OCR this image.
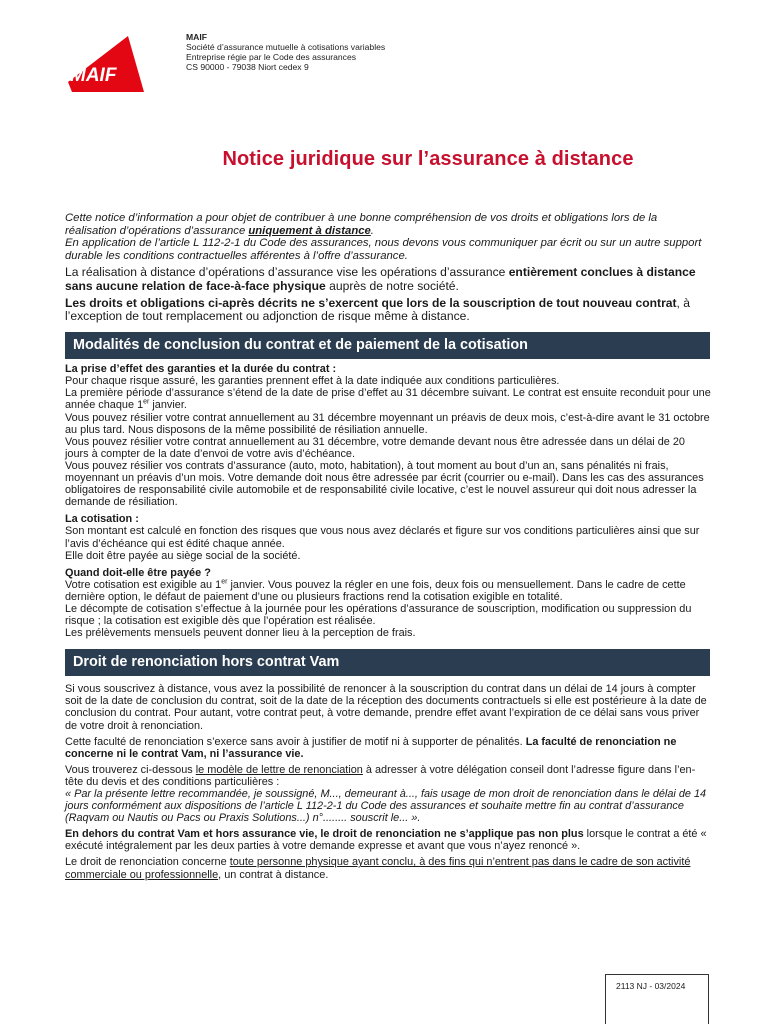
MAIF
MAIF
Société d’assurance mutuelle à cotisations variables
Entreprise régie par le Code des assurances
CS 90000 - 79038 Niort cedex 9
Notice juridique sur l’assurance à distance

Cette notice d’information a pour objet de contribuer à une bonne compréhension de vos droits et obligations lors de la réalisation d’opérations d’assurance uniquement à distance.

En application de l’article L 112-2-1 du Code des assurances, nous devons vous communiquer par écrit ou sur un autre support durable les conditions contractuelles afférentes à l’offre d’assurance.

La réalisation à distance d’opérations d’assurance vise les opérations d’assurance entièrement conclues à distance sans aucune relation de face-à-face physique auprès de notre société.

Les droits et obligations ci-après décrits ne s’exercent que lors de la souscription de tout nouveau contrat, à l’exception de tout remplacement ou adjonction de risque même à distance.

Modalités de conclusion du contrat et de paiement de la cotisation

La prise d’effet des garanties et la durée du contrat :

Pour chaque risque assuré, les garanties prennent effet à la date indiquée aux conditions particulières.

La première période d’assurance s’étend de la date de prise d’effet au 31 décembre suivant. Le contrat est ensuite reconduit pour une année chaque 1er janvier.

Vous pouvez résilier votre contrat annuellement au 31 décembre moyennant un préavis de deux mois, c’est-à-dire avant le 31 octobre au plus tard. Nous disposons de la même possibilité de résiliation annuelle.

Vous pouvez résilier votre contrat annuellement au 31 décembre, votre demande devant nous être adressée dans un délai de 20 jours à compter de la date d’envoi de votre avis d’échéance.

Vous pouvez résilier vos contrats d’assurance (auto, moto, habitation), à tout moment au bout d’un an, sans pénalités ni frais, moyennant un préavis d’un mois. Votre demande doit nous être adressée par écrit (courrier ou e-mail). Dans les cas des assurances obligatoires de responsabilité civile automobile et de responsabilité civile locative, c’est le nouvel assureur qui doit nous adresser la demande de résiliation.

La cotisation :

Son montant est calculé en fonction des risques que vous nous avez déclarés et figure sur vos conditions particulières ainsi que sur l’avis d’échéance qui est édité chaque année.

Elle doit être payée au siège social de la société.

Quand doit-elle être payée ?

Votre cotisation est exigible au 1er janvier. Vous pouvez la régler en une fois, deux fois ou mensuellement. Dans le cadre de cette dernière option, le défaut de paiement d’une ou plusieurs fractions rend la cotisation exigible en totalité.

Le décompte de cotisation s’effectue à la journée pour les opérations d’assurance de souscription, modification ou suppression du risque ; la cotisation est exigible dès que l’opération est réalisée.

Les prélèvements mensuels peuvent donner lieu à la perception de frais.

Droit de renonciation hors contrat Vam

Si vous souscrivez à distance, vous avez la possibilité de renoncer à la souscription du contrat dans un délai de 14 jours à compter soit de la date de conclusion du contrat, soit de la date de la réception des documents contractuels si elle est postérieure à la date de conclusion du contrat. Pour autant, votre contrat peut, à votre demande, prendre effet avant l’expiration de ce délai sans vous priver de votre droit à renonciation.

Cette faculté de renonciation s’exerce sans avoir à justifier de motif ni à supporter de pénalités. La faculté de renonciation ne concerne ni le contrat Vam, ni l’assurance vie.

Vous trouverez ci-dessous le modèle de lettre de renonciation à adresser à votre délégation conseil dont l’adresse figure dans l’en-tête du devis et des conditions particulières :

« Par la présente lettre recommandée, je soussigné, M..., demeurant à..., fais usage de mon droit de renonciation dans le délai de 14 jours conformément aux dispositions de l’article L 112-2-1 du Code des assurances et souhaite mettre fin au contrat d’assurance (Raqvam ou Nautis ou Pacs ou Praxis Solutions...) n°........ souscrit le... ».

En dehors du contrat Vam et hors assurance vie, le droit de renonciation ne s’applique pas non plus lorsque le contrat a été « exécuté intégralement par les deux parties à votre demande expresse et avant que vous n’ayez renoncé ».

Le droit de renonciation concerne toute personne physique ayant conclu, à des fins qui n’entrent pas dans le cadre de son activité commerciale ou professionnelle, un contrat à distance.

2113 NJ - 03/2024
